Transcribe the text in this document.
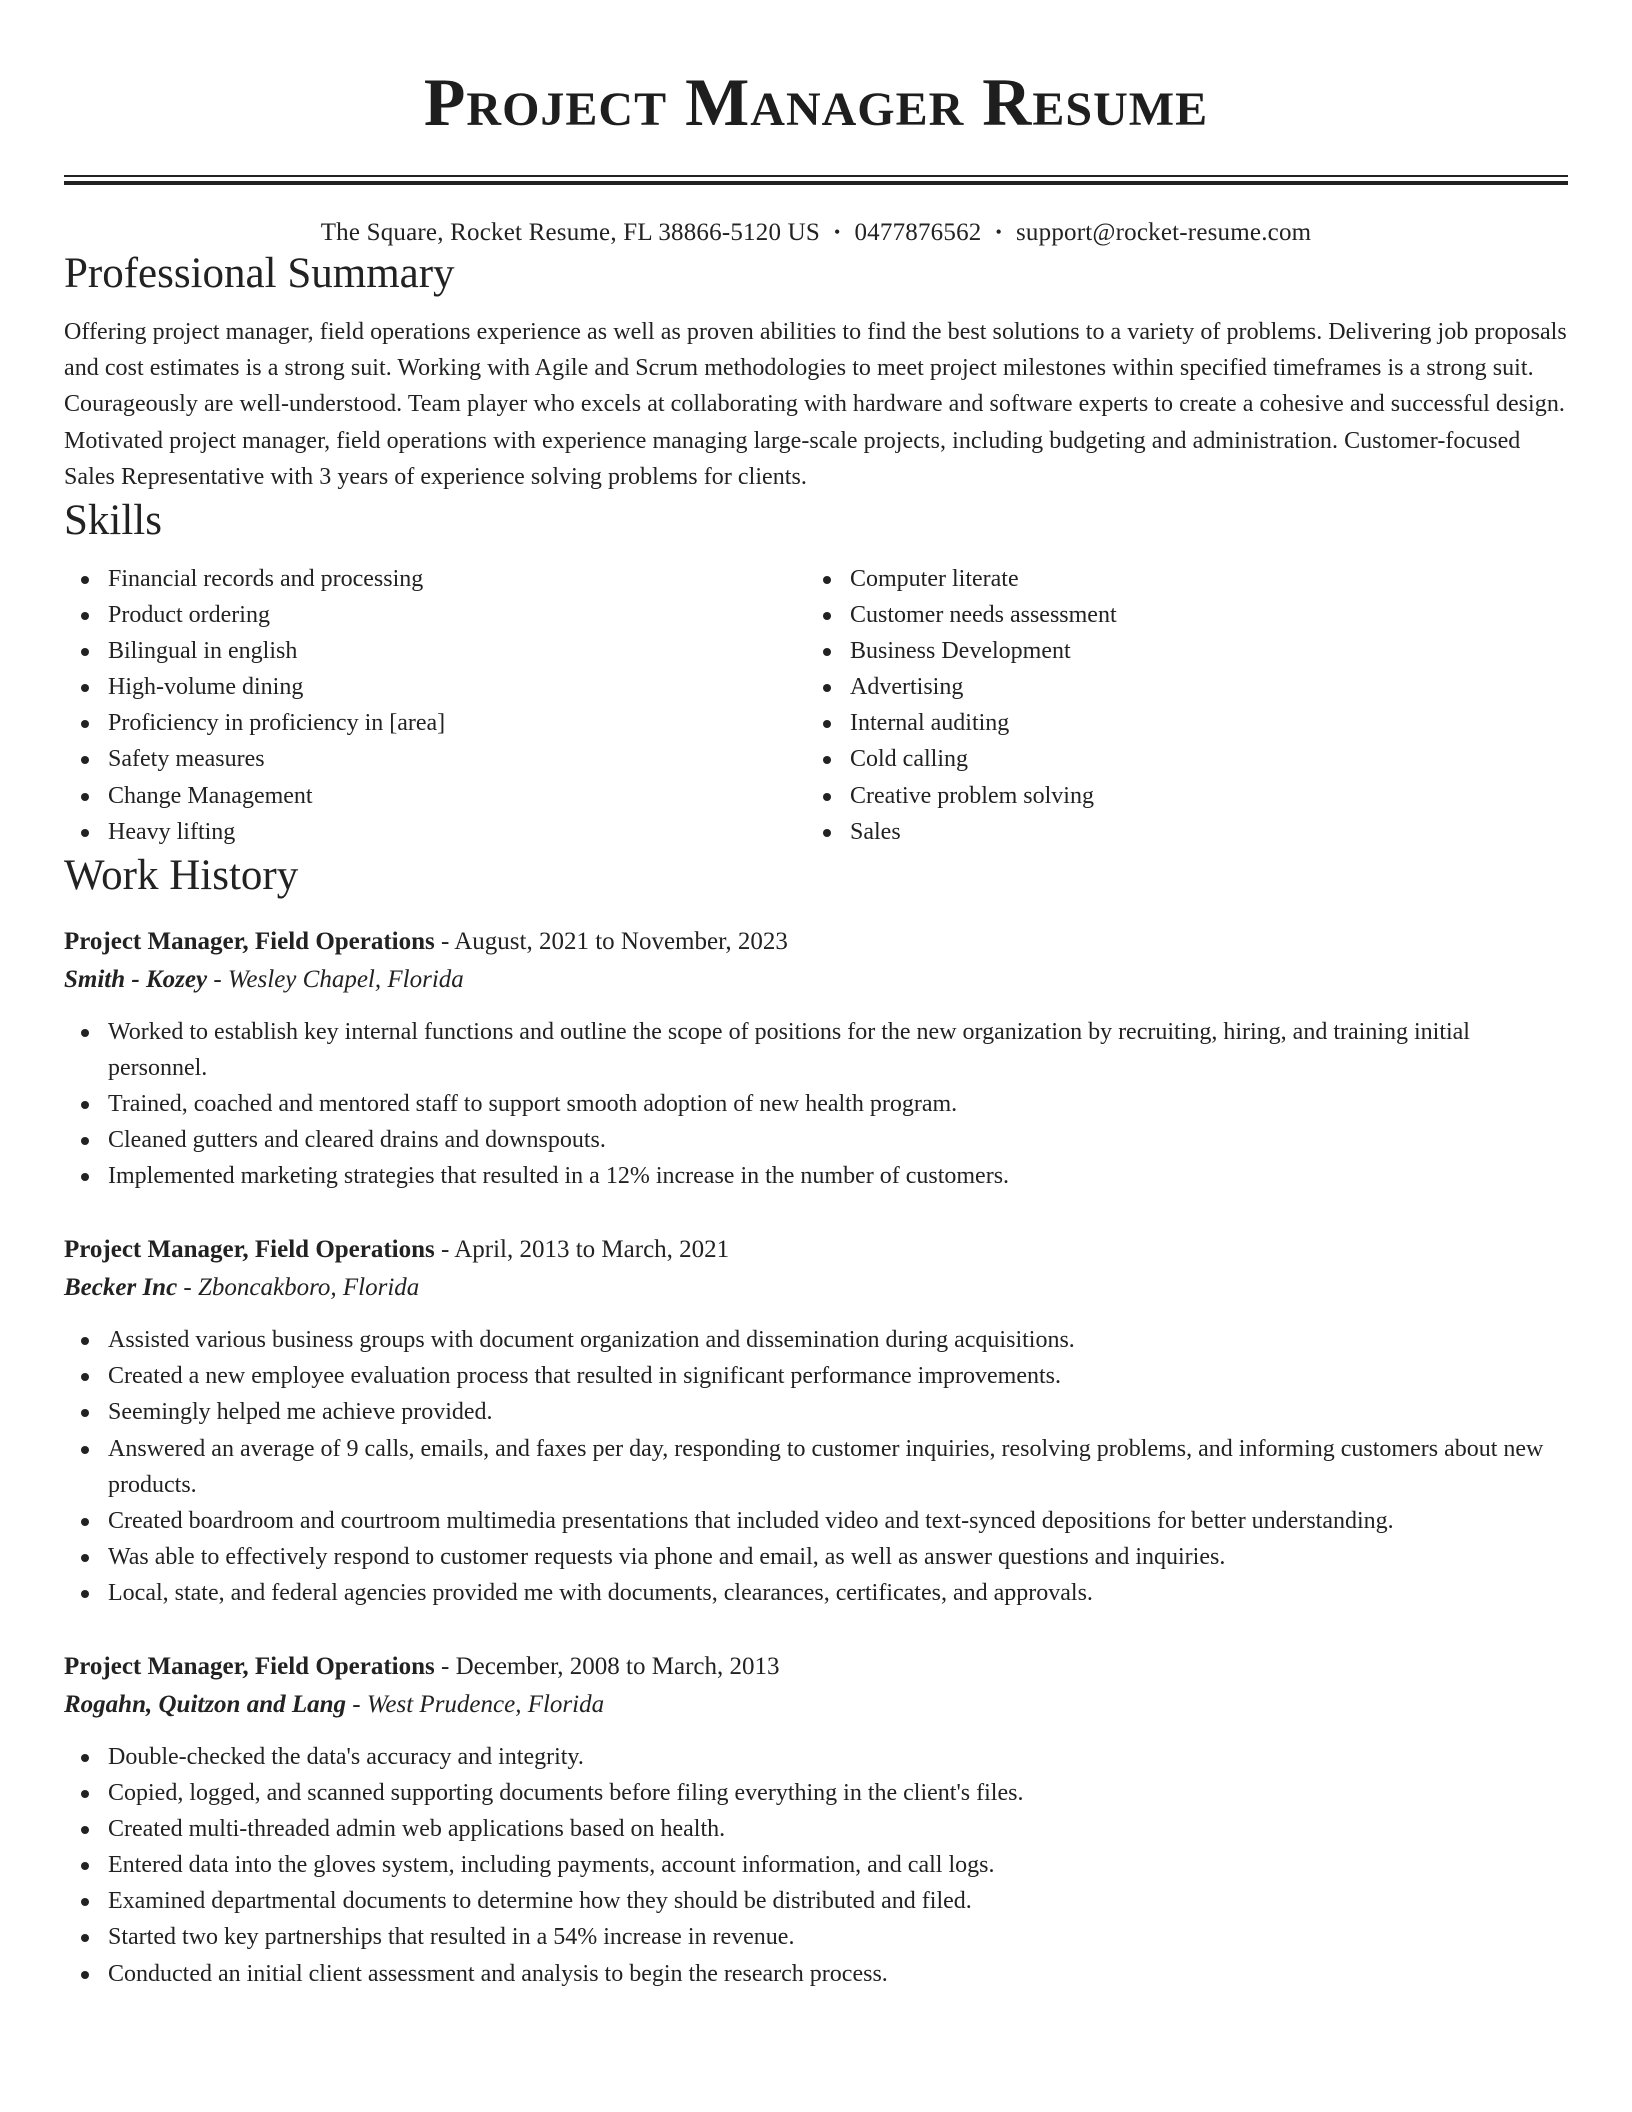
Project Manager Resume
The Square, Rocket Resume, FL 38866-5120 US • 0477876562 • support@rocket-resume.com
Professional Summary

Offering project manager, field operations experience as well as proven abilities to find the best solutions to a variety of problems. Delivering job proposals and cost estimates is a strong suit. Working with Agile and Scrum methodologies to meet project milestones within specified timeframes is a strong suit. Courageously are well-understood. Team player who excels at collaborating with hardware and software experts to create a cohesive and successful design. Motivated project manager, field operations with experience managing large-scale projects, including budgeting and administration. Customer-focused Sales Representative with 3 years of experience solving problems for clients.

Skills
Financial records and processing
Product ordering
Bilingual in english
High-volume dining
Proficiency in proficiency in [area]
Safety measures
Change Management
Heavy lifting
Computer literate
Customer needs assessment
Business Development
Advertising
Internal auditing
Cold calling
Creative problem solving
Sales
Work History
Project Manager, Field Operations - August, 2021 to November, 2023
Smith - Kozey - Wesley Chapel, Florida
Worked to establish key internal functions and outline the scope of positions for the new organization by recruiting, hiring, and training initial personnel.
Trained, coached and mentored staff to support smooth adoption of new health program.
Cleaned gutters and cleared drains and downspouts.
Implemented marketing strategies that resulted in a 12% increase in the number of customers.
Project Manager, Field Operations - April, 2013 to March, 2021
Becker Inc - Zboncakboro, Florida
Assisted various business groups with document organization and dissemination during acquisitions.
Created a new employee evaluation process that resulted in significant performance improvements.
Seemingly helped me achieve provided.
Answered an average of 9 calls, emails, and faxes per day, responding to customer inquiries, resolving problems, and informing customers about new products.
Created boardroom and courtroom multimedia presentations that included video and text-synced depositions for better understanding.
Was able to effectively respond to customer requests via phone and email, as well as answer questions and inquiries.
Local, state, and federal agencies provided me with documents, clearances, certificates, and approvals.
Project Manager, Field Operations - December, 2008 to March, 2013
Rogahn, Quitzon and Lang - West Prudence, Florida
Double-checked the data's accuracy and integrity.
Copied, logged, and scanned supporting documents before filing everything in the client's files.
Created multi-threaded admin web applications based on health.
Entered data into the gloves system, including payments, account information, and call logs.
Examined departmental documents to determine how they should be distributed and filed.
Started two key partnerships that resulted in a 54% increase in revenue.
Conducted an initial client assessment and analysis to begin the research process.
